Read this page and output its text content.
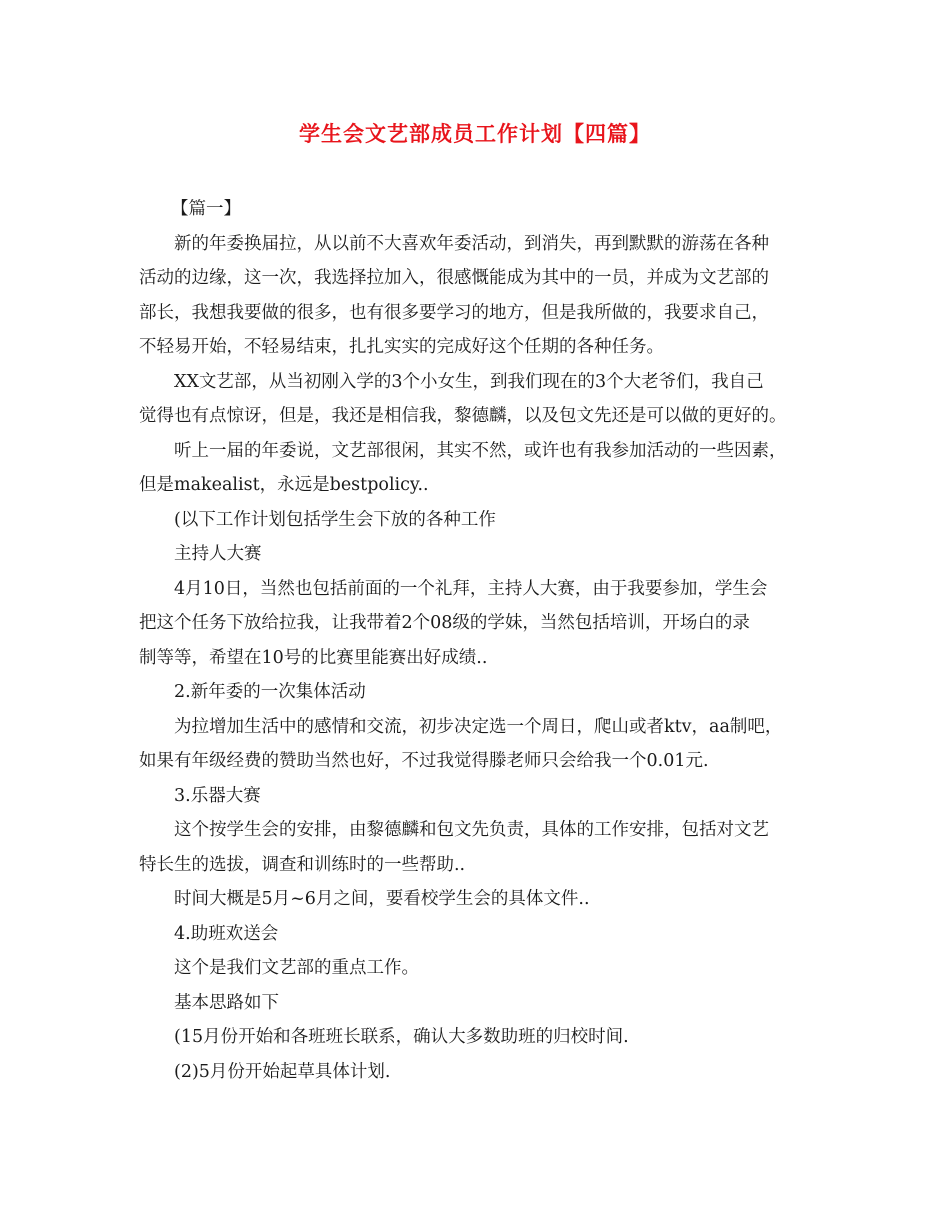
学生会文艺部成员工作计划【四篇】

【篇一】

新的年委换届拉，从以前不大喜欢年委活动，到消失，再到默默的游荡在各种

活动的边缘，这一次，我选择拉加入，很感慨能成为其中的一员，并成为文艺部的

部长，我想我要做的很多，也有很多要学习的地方，但是我所做的，我要求自己，

不轻易开始，不轻易结束，扎扎实实的完成好这个任期的各种任务。

XX文艺部，从当初刚入学的3个小女生，到我们现在的3个大老爷们，我自己

觉得也有点惊讶，但是，我还是相信我，黎德麟，以及包文先还是可以做的更好的。

听上一届的年委说，文艺部很闲，其实不然，或许也有我参加活动的一些因素，

但是makealist，永远是bestpolicy..

(以下工作计划包括学生会下放的各种工作

主持人大赛

4月10日，当然也包括前面的一个礼拜，主持人大赛，由于我要参加，学生会

把这个任务下放给拉我，让我带着2个08级的学妹，当然包括培训，开场白的录

制等等，希望在10号的比赛里能赛出好成绩..

2.新年委的一次集体活动

为拉增加生活中的感情和交流，初步决定选一个周日，爬山或者ktv，aa制吧，

如果有年级经费的赞助当然也好，不过我觉得滕老师只会给我一个0.01元.

3.乐器大赛

这个按学生会的安排，由黎德麟和包文先负责，具体的工作安排，包括对文艺

特长生的选拔，调查和训练时的一些帮助..

时间大概是5月~6月之间，要看校学生会的具体文件..

4.助班欢送会

这个是我们文艺部的重点工作。

基本思路如下

(15月份开始和各班班长联系，确认大多数助班的归校时间.

(2)5月份开始起草具体计划.
